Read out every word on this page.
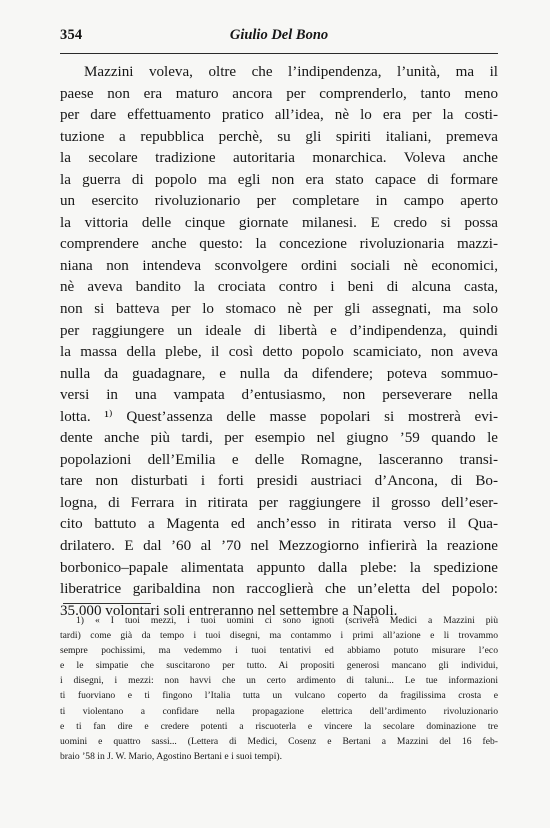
354	Giulio Del Bono
Mazzini voleva, oltre che l’indipendenza, l’unità, ma il
paese non era maturo ancora per comprenderlo, tanto meno
per dare effettuamento pratico all’idea, nè lo era per la costi-
tuzione a repubblica perchè, su gli spiriti italiani, premeva
la secolare tradizione autoritaria monarchica. Voleva anche
la guerra di popolo ma egli non era stato capace di formare
un esercito rivoluzionario per completare in campo aperto
la vittoria delle cinque giornate milanesi. E credo si possa
comprendere anche questo: la concezione rivoluzionaria mazzi-
niana non intendeva sconvolgere ordini sociali nè economici,
nè aveva bandito la crociata contro i beni di alcuna casta,
non si batteva per lo stomaco nè per gli assegnati, ma solo
per raggiungere un ideale di libertà e d’indipendenza, quindi
la massa della plebe, il così detto popolo scamiciato, non aveva
nulla da guadagnare, e nulla da difendere; poteva sommuo-
versi in una vampata d’entusiasmo, non perseverare nella
lotta. ¹⁾ Quest’assenza delle masse popolari si mostrerà evi-
dente anche più tardi, per esempio nel giugno ’59 quando le
popolazioni dell’Emilia e delle Romagne, lasceranno transi-
tare non disturbati i forti presidi austriaci d’Ancona, di Bo-
logna, di Ferrara in ritirata per raggiungere il grosso dell’eser-
cito battuto a Magenta ed anch’esso in ritirata verso il Qua-
drilatero. E dal ’60 al ’70 nel Mezzogiorno infierirà la reazione
borbonico–papale alimentata appunto dalla plebe: la spedizione
liberatrice garibaldina non raccoglierà che un’eletta del popolo:
35.000 volontari soli entreranno nel settembre a Napoli.
1) « I tuoi mezzi, i tuoi uomini ci sono ignoti (scriverà Medici a Mazzini più
tardi) come già da tempo i tuoi disegni, ma contammo i primi all’azione e li trovammo
sempre pochissimi, ma vedemmo i tuoi tentativi ed abbiamo potuto misurare l’eco
e le simpatie che suscitarono per tutto. Ai propositi generosi mancano gli individui,
i disegni, i mezzi: non havvi che un certo ardimento di taluni... Le tue informazioni
ti fuorviano e ti fingono l’Italia tutta un vulcano coperto da fragilissima crosta e
ti violentano a confidare nella propagazione elettrica dell’ardimento rivoluzionario
e ti fan dire e credere potenti a riscuoterla e vincere la secolare dominazione tre
uomini e quattro sassi... (Lettera di Medici, Cosenz e Bertani a Mazzini del 16 feb-
braio ’58 in J. W. Mario, Agostino Bertani e i suoi tempi).
